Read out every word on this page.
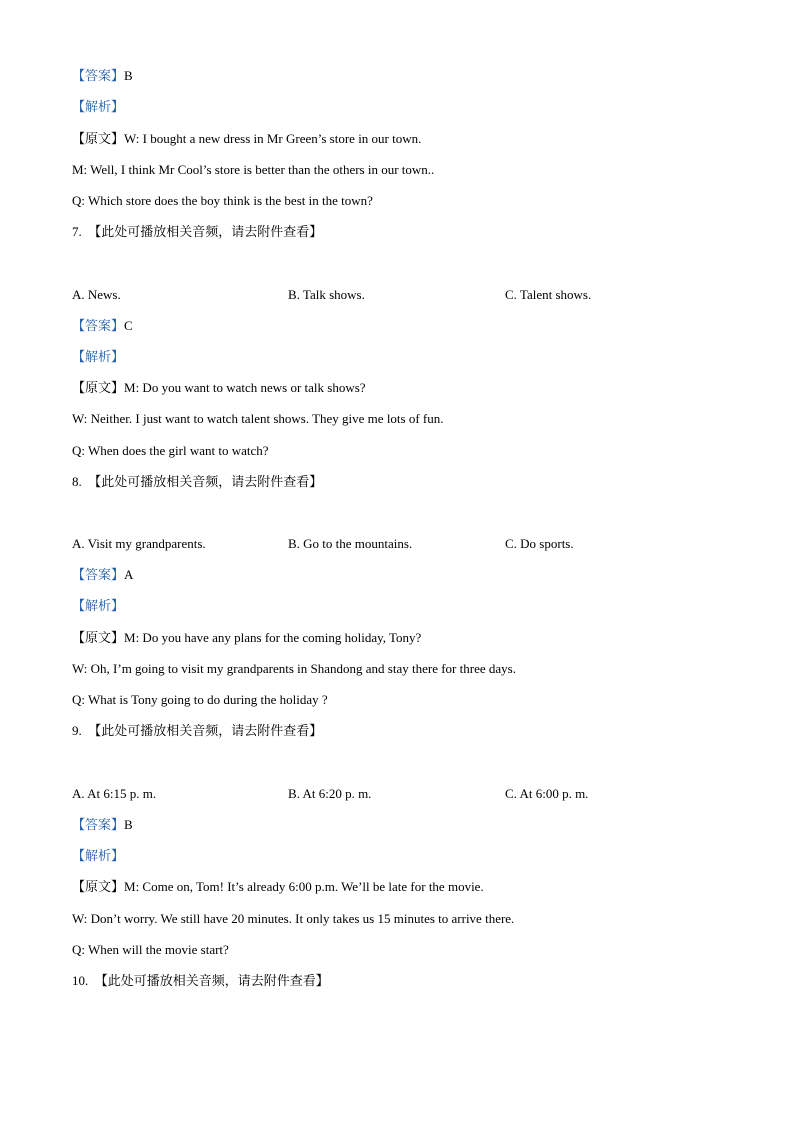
【答案】B
【解析】
【原文】W: I bought a new dress in Mr Green’s store in our town.
M: Well, I think Mr Cool’s store is better than the others in our town..
Q: Which store does the boy think is the best in the town?
7. 【此处可播放相关音频，请去附件查看】
A. News.	B. Talk shows.	C. Talent shows.
【答案】C
【解析】
【原文】M: Do you want to watch news or talk shows?
W: Neither. I just want to watch talent shows. They give me lots of fun.
Q: When does the girl want to watch?
8. 【此处可播放相关音频，请去附件查看】
A. Visit my grandparents.	B. Go to the mountains.	C. Do sports.
【答案】A
【解析】
【原文】M: Do you have any plans for the coming holiday, Tony?
W: Oh, I’m going to visit my grandparents in Shandong and stay there for three days.
Q: What is Tony going to do during the holiday ?
9. 【此处可播放相关音频，请去附件查看】
A. At 6:15 p. m.	B. At 6:20 p. m.	C. At 6:00 p. m.
【答案】B
【解析】
【原文】M: Come on, Tom! It’s already 6:00 p.m. We’ll be late for the movie.
W: Don’t worry. We still have 20 minutes. It only takes us 15 minutes to arrive there.
Q: When will the movie start?
10. 【此处可播放相关音频，请去附件查看】
